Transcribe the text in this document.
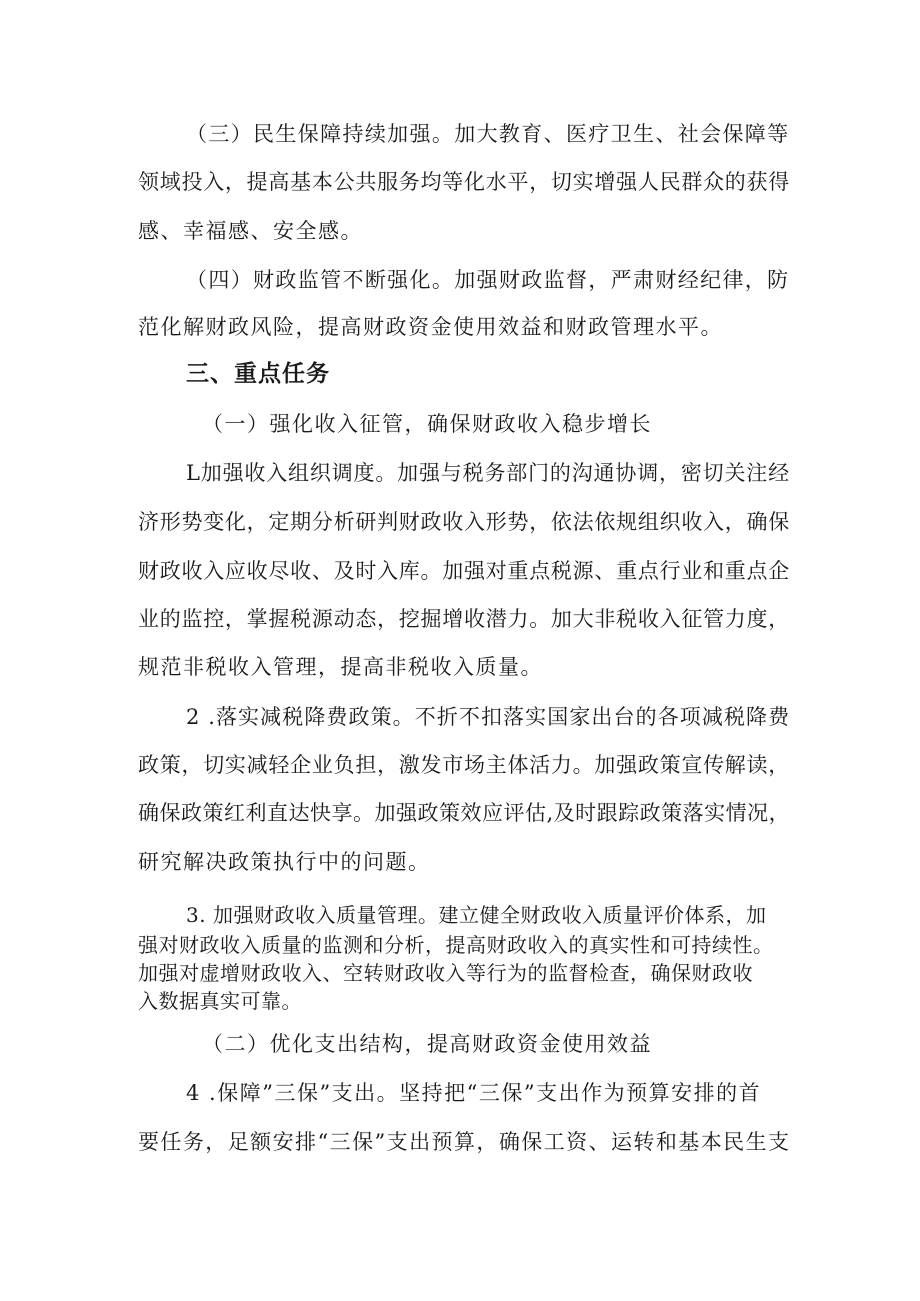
（三）民生保障持续加强。加大教育、医疗卫生、社会保障等
领域投入，提高基本公共服务均等化水平，切实增强人民群众的获得
感、幸福感、安全感。
（四）财政监管不断强化。加强财政监督，严肃财经纪律，防
范化解财政风险，提高财政资金使用效益和财政管理水平。
三、重点任务
（一）强化收入征管，确保财政收入稳步增长
L加强收入组织调度。加强与税务部门的沟通协调，密切关注经
济形势变化，定期分析研判财政收入形势，依法依规组织收入，确保
财政收入应收尽收、及时入库。加强对重点税源、重点行业和重点企
业的监控，掌握税源动态，挖掘增收潜力。加大非税收入征管力度，
规范非税收入管理，提高非税收入质量。
2 .落实减税降费政策。不折不扣落实国家出台的各项减税降费
政策，切实减轻企业负担，激发市场主体活力。加强政策宣传解读，
确保政策红利直达快享。加强政策效应评估,及时跟踪政策落实情况，
研究解决政策执行中的问题。
3. 加强财政收入质量管理。建立健全财政收入质量评价体系，加
强对财政收入质量的监测和分析，提高财政收入的真实性和可持续性。
加强对虚增财政收入、空转财政收入等行为的监督检查，确保财政收
入数据真实可靠。
（二）优化支出结构，提高财政资金使用效益
4 .保障”三保”支出。坚持把“三保”支出作为预算安排的首
要任务，足额安排“三保”支出预算，确保工资、运转和基本民生支
